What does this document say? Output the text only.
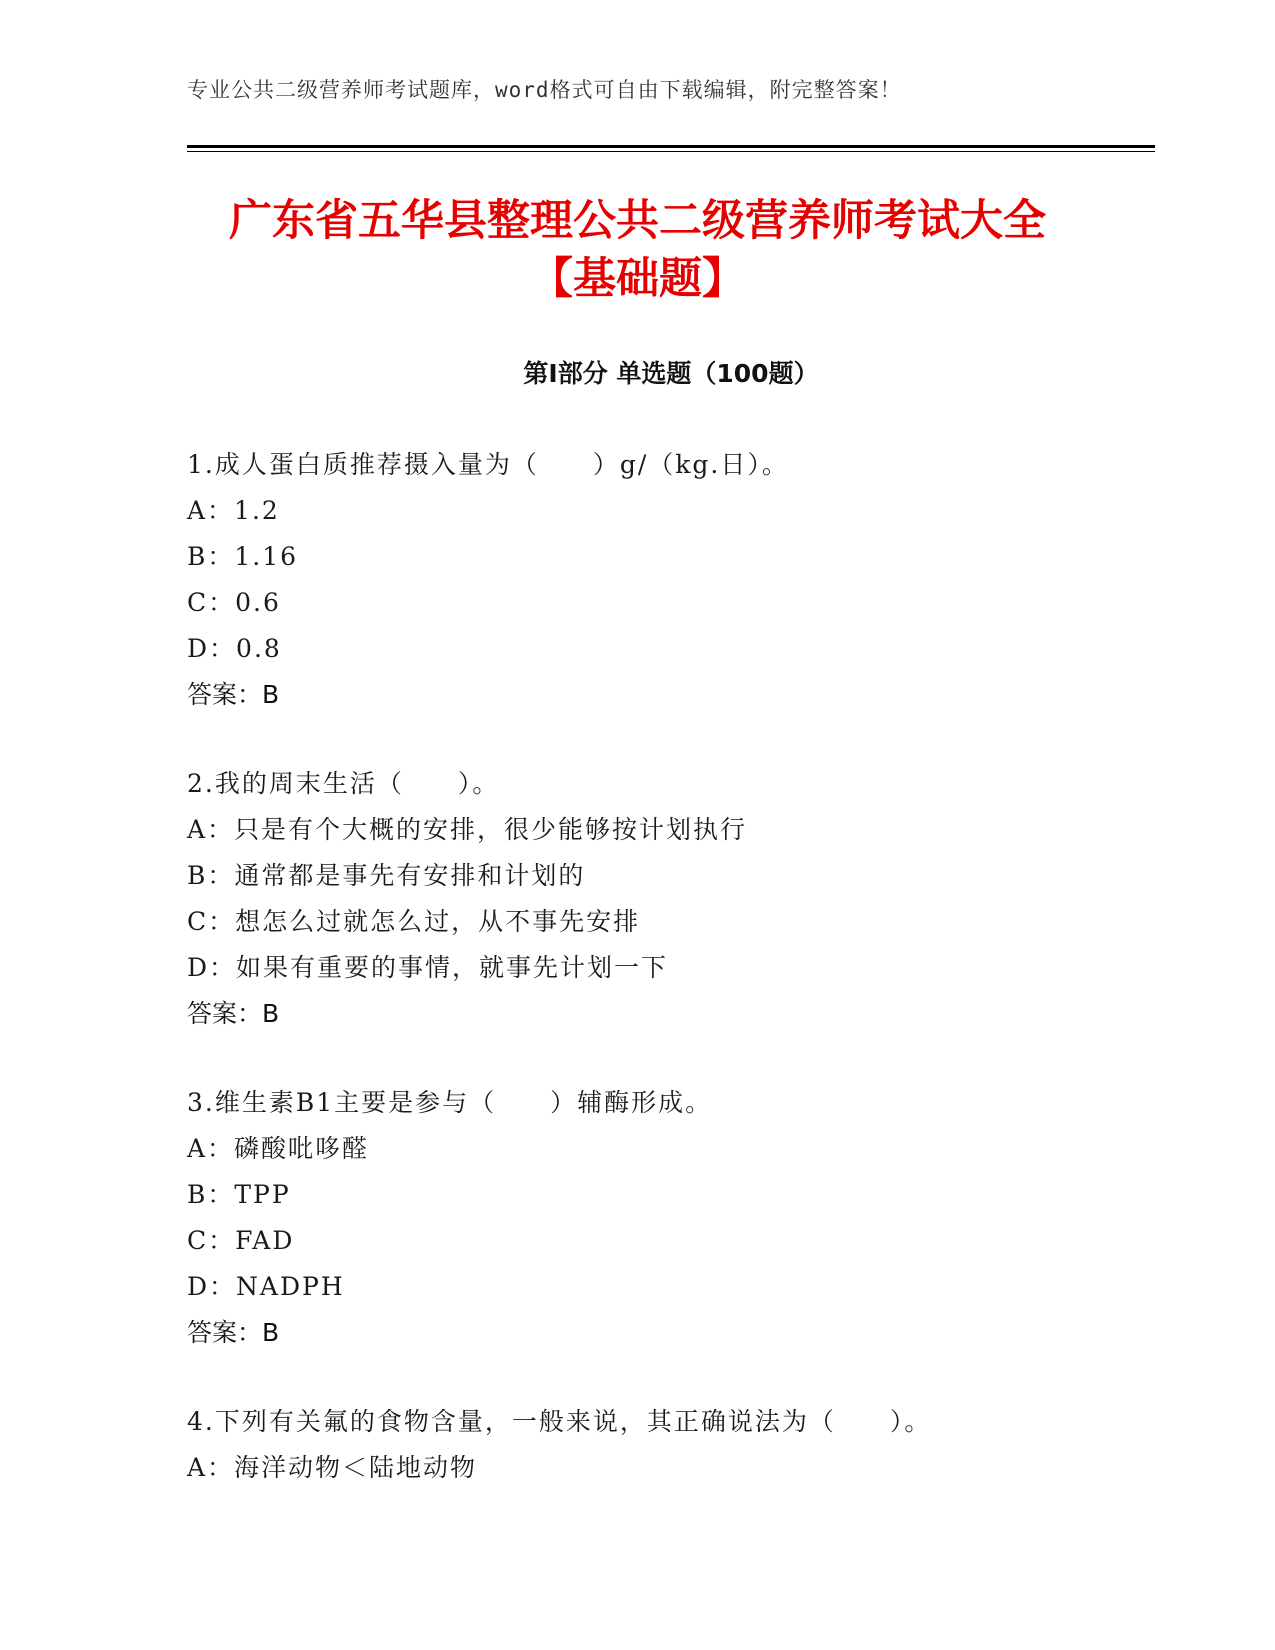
专业公共二级营养师考试题库，word格式可自由下载编辑，附完整答案！
广东省五华县整理公共二级营养师考试大全
【基础题】
第Ⅰ部分 单选题（100题）
1.成人蛋白质推荐摄入量为（　　）g/（kg.日）。
A：1.2
B：1.16
C：0.6
D：0.8
答案：B
2.我的周末生活（　　）。
A：只是有个大概的安排，很少能够按计划执行
B：通常都是事先有安排和计划的
C：想怎么过就怎么过，从不事先安排
D：如果有重要的事情，就事先计划一下
答案：B
3.维生素B1主要是参与（　　）辅酶形成。
A：磷酸吡哆醛
B：TPP
C：FAD
D：NADPH
答案：B
4.下列有关氟的食物含量，一般来说，其正确说法为（　　）。
A：海洋动物＜陆地动物
